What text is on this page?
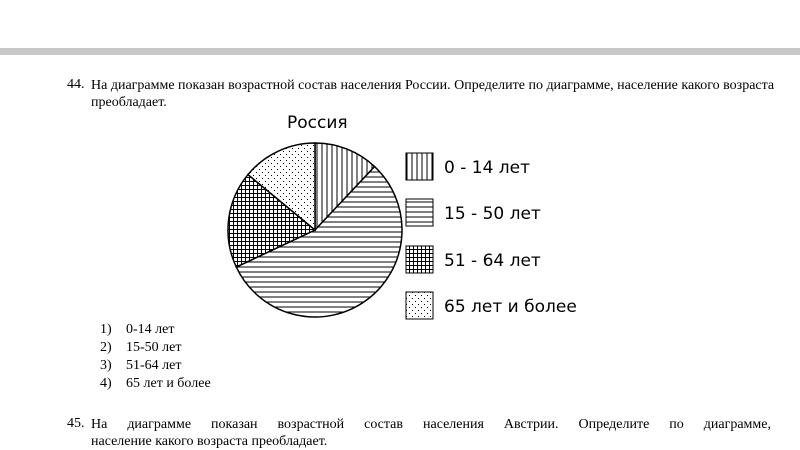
44. На диаграмме показан возрастной состав населения России. Определите по диаграмме, население какого возраста преобладает.
Россия
0 - 14 лет
15 - 50 лет
51 - 64 лет
65 лет и более
1) 0-14 лет
2) 15-50 лет
3) 51-64 лет
4) 65 лет и более
45. На диаграмме показан возрастной состав населения Австрии. Определите по диаграмме,
население какого возраста преобладает.
